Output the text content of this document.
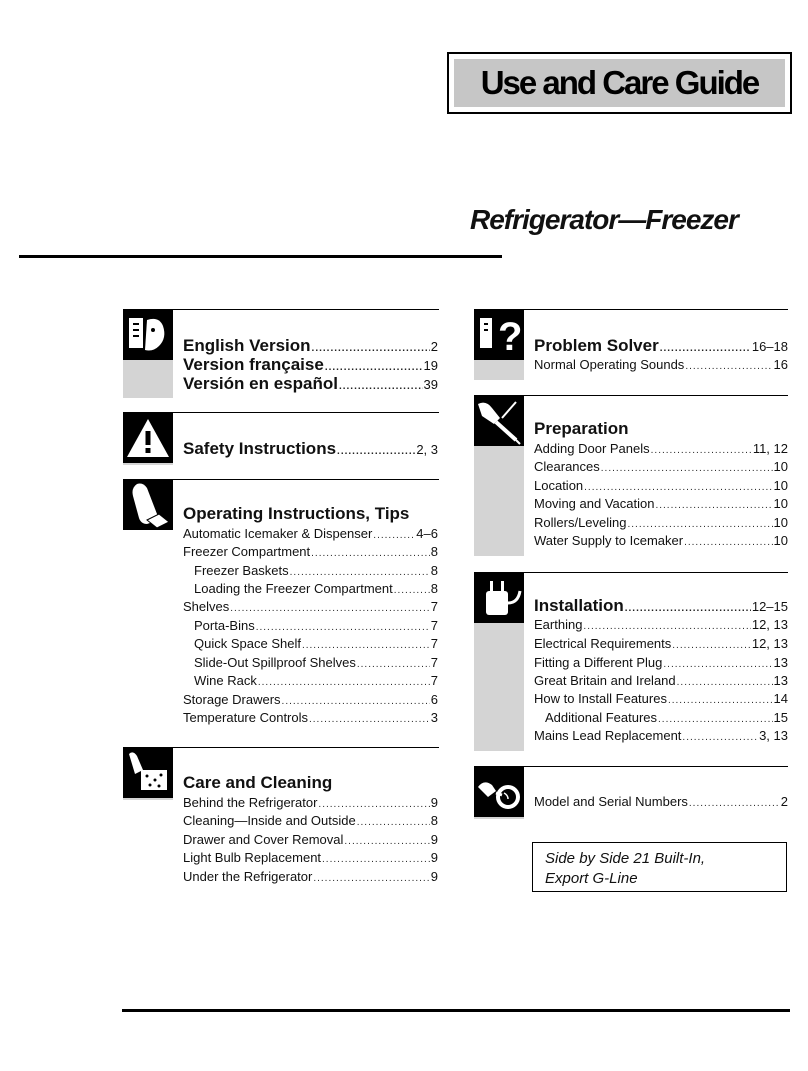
Use and Care Guide
Refrigerator—Freezer
English Version .....	2
Version française .....	19
Versión en español .....	39
Safety Instructions .....	2, 3
Operating Instructions, Tips
Automatic Icemaker & Dispenser .....	4–6
Freezer Compartment .....	8
Freezer Baskets .....	8
Loading the Freezer Compartment .....	8
Shelves .....	7
Porta-Bins .....	7
Quick Space Shelf .....	7
Slide-Out Spillproof Shelves .....	7
Wine Rack .....	7
Storage Drawers .....	6
Temperature Controls .....	3
Care and Cleaning
Behind the Refrigerator .....	9
Cleaning—Inside and Outside .....	8
Drawer and Cover Removal .....	9
Light Bulb Replacement .....	9
Under the Refrigerator .....	9
? Problem Solver .....	16–18
Normal Operating Sounds .....	16
Preparation
Adding Door Panels .....	11, 12
Clearances .....	10
Location .....	10
Moving and Vacation .....	10
Rollers/Leveling .....	10
Water Supply to Icemaker .....	10
Installation .....	12–15
Earthing .....	12, 13
Electrical Requirements .....	12, 13
Fitting a Different Plug .....	13
Great Britain and Ireland .....	13
How to Install Features .....	14
Additional Features .....	15
Mains Lead Replacement .....	3, 13
Model and Serial Numbers .....	2
Side by Side 21 Built-In,
Export G-Line
